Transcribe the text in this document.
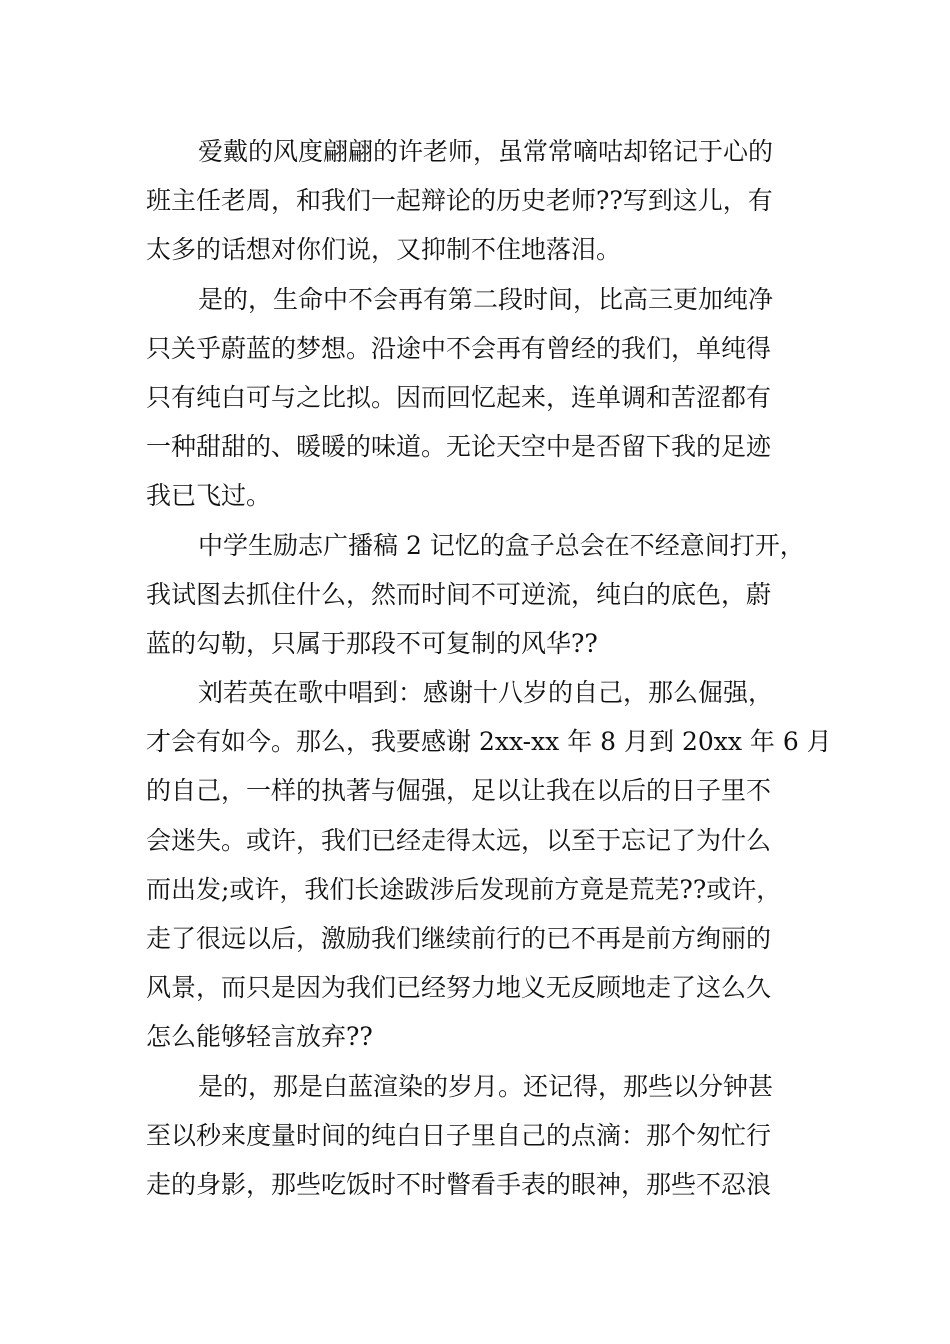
爱戴的风度翩翩的许老师，虽常常嘀咕却铭记于心的
班主任老周，和我们一起辩论的历史老师??写到这儿，有
太多的话想对你们说，又抑制不住地落泪。
是的，生命中不会再有第二段时间，比高三更加纯净
只关乎蔚蓝的梦想。沿途中不会再有曾经的我们，单纯得
只有纯白可与之比拟。因而回忆起来，连单调和苦涩都有
一种甜甜的、暖暖的味道。无论天空中是否留下我的足迹
我已飞过。
中学生励志广播稿 2 记忆的盒子总会在不经意间打开，
我试图去抓住什么，然而时间不可逆流，纯白的底色，蔚
蓝的勾勒，只属于那段不可复制的风华??
刘若英在歌中唱到：感谢十八岁的自己，那么倔强，
才会有如今。那么，我要感谢 2xx-xx 年 8 月到 20xx 年 6 月
的自己，一样的执著与倔强，足以让我在以后的日子里不
会迷失。或许，我们已经走得太远，以至于忘记了为什么
而出发;或许，我们长途跋涉后发现前方竟是荒芜??或许，
走了很远以后，激励我们继续前行的已不再是前方绚丽的
风景，而只是因为我们已经努力地义无反顾地走了这么久
怎么能够轻言放弃??
是的，那是白蓝渲染的岁月。还记得，那些以分钟甚
至以秒来度量时间的纯白日子里自己的点滴：那个匆忙行
走的身影，那些吃饭时不时瞥看手表的眼神，那些不忍浪
